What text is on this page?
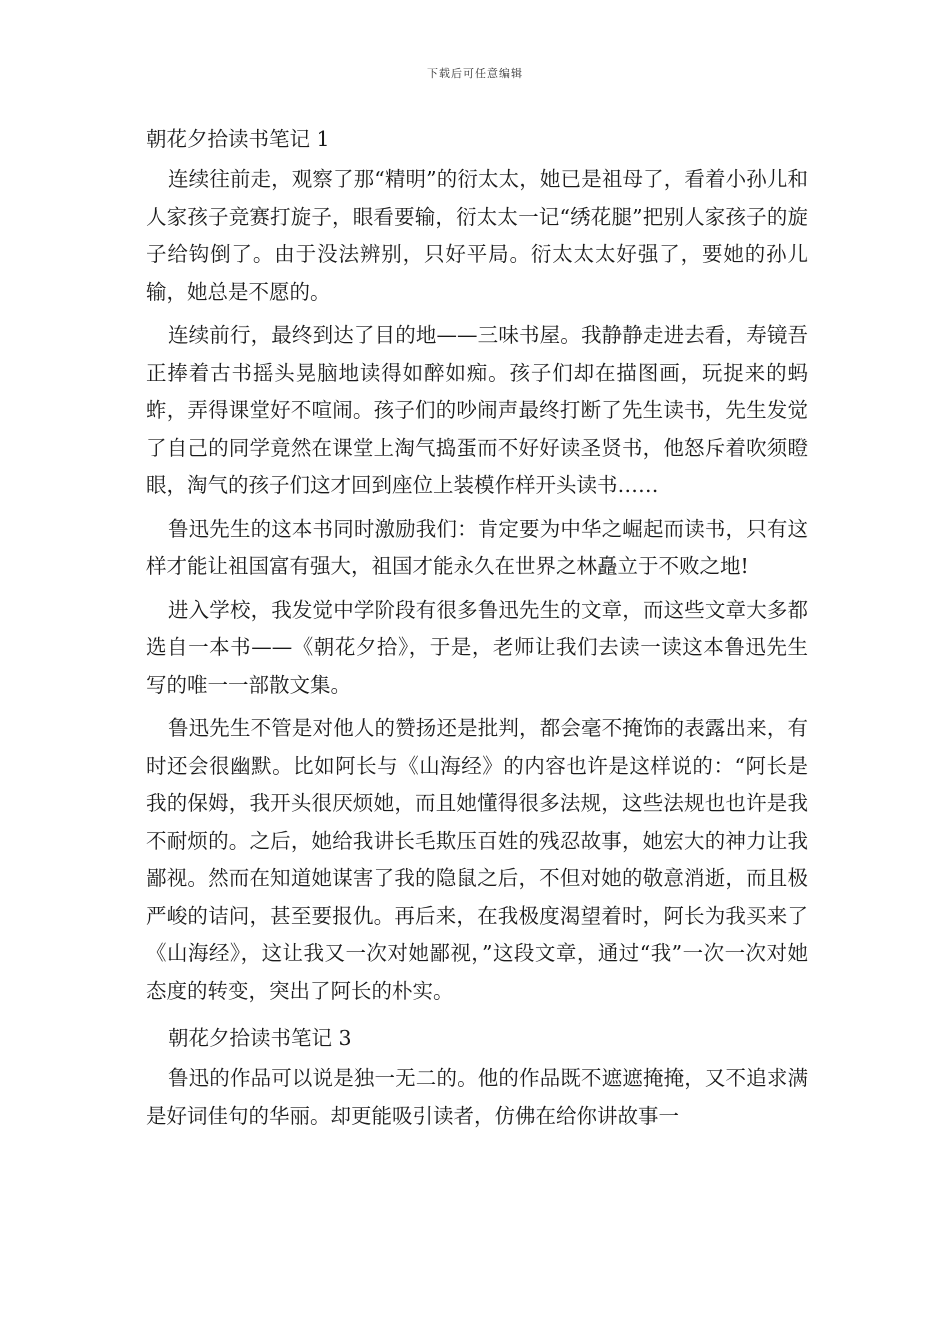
下载后可任意编辑
朝花夕拾读书笔记 1

连续往前走，观察了那“精明”的衍太太，她已是祖母了，看着小孙儿和人家孩子竞赛打旋子，眼看要输，衍太太一记“绣花腿”把别人家孩子的旋子给钩倒了。由于没法辨别，只好平局。衍太太太好强了，要她的孙儿输，她总是不愿的。

连续前行，最终到达了目的地——三味书屋。我静静走进去看，寿镜吾正捧着古书摇头晃脑地读得如醉如痴。孩子们却在描图画，玩捉来的蚂蚱，弄得课堂好不喧闹。孩子们的吵闹声最终打断了先生读书，先生发觉了自己的同学竟然在课堂上淘气捣蛋而不好好读圣贤书，他怒斥着吹须瞪眼，淘气的孩子们这才回到座位上装模作样开头读书……

鲁迅先生的这本书同时激励我们：肯定要为中华之崛起而读书，只有这样才能让祖国富有强大，祖国才能永久在世界之林矗立于不败之地!

进入学校，我发觉中学阶段有很多鲁迅先生的文章，而这些文章大多都选自一本书——《朝花夕拾》，于是，老师让我们去读一读这本鲁迅先生写的唯一一部散文集。

鲁迅先生不管是对他人的赞扬还是批判，都会毫不掩饰的表露出来，有时还会很幽默。比如阿长与《山海经》的内容也许是这样说的：“阿长是我的保姆，我开头很厌烦她，而且她懂得很多法规，这些法规也也许是我不耐烦的。之后，她给我讲长毛欺压百姓的残忍故事，她宏大的神力让我鄙视。然而在知道她谋害了我的隐鼠之后，不但对她的敬意消逝，而且极严峻的诘问，甚至要报仇。再后来，在我极度渴望着时，阿长为我买来了《山海经》，这让我又一次对她鄙视，”这段文章，通过“我”一次一次对她态度的转变，突出了阿长的朴实。

朝花夕拾读书笔记 3

鲁迅的作品可以说是独一无二的。他的作品既不遮遮掩掩，又不追求满是好词佳句的华丽。却更能吸引读者，仿佛在给你讲故事一
